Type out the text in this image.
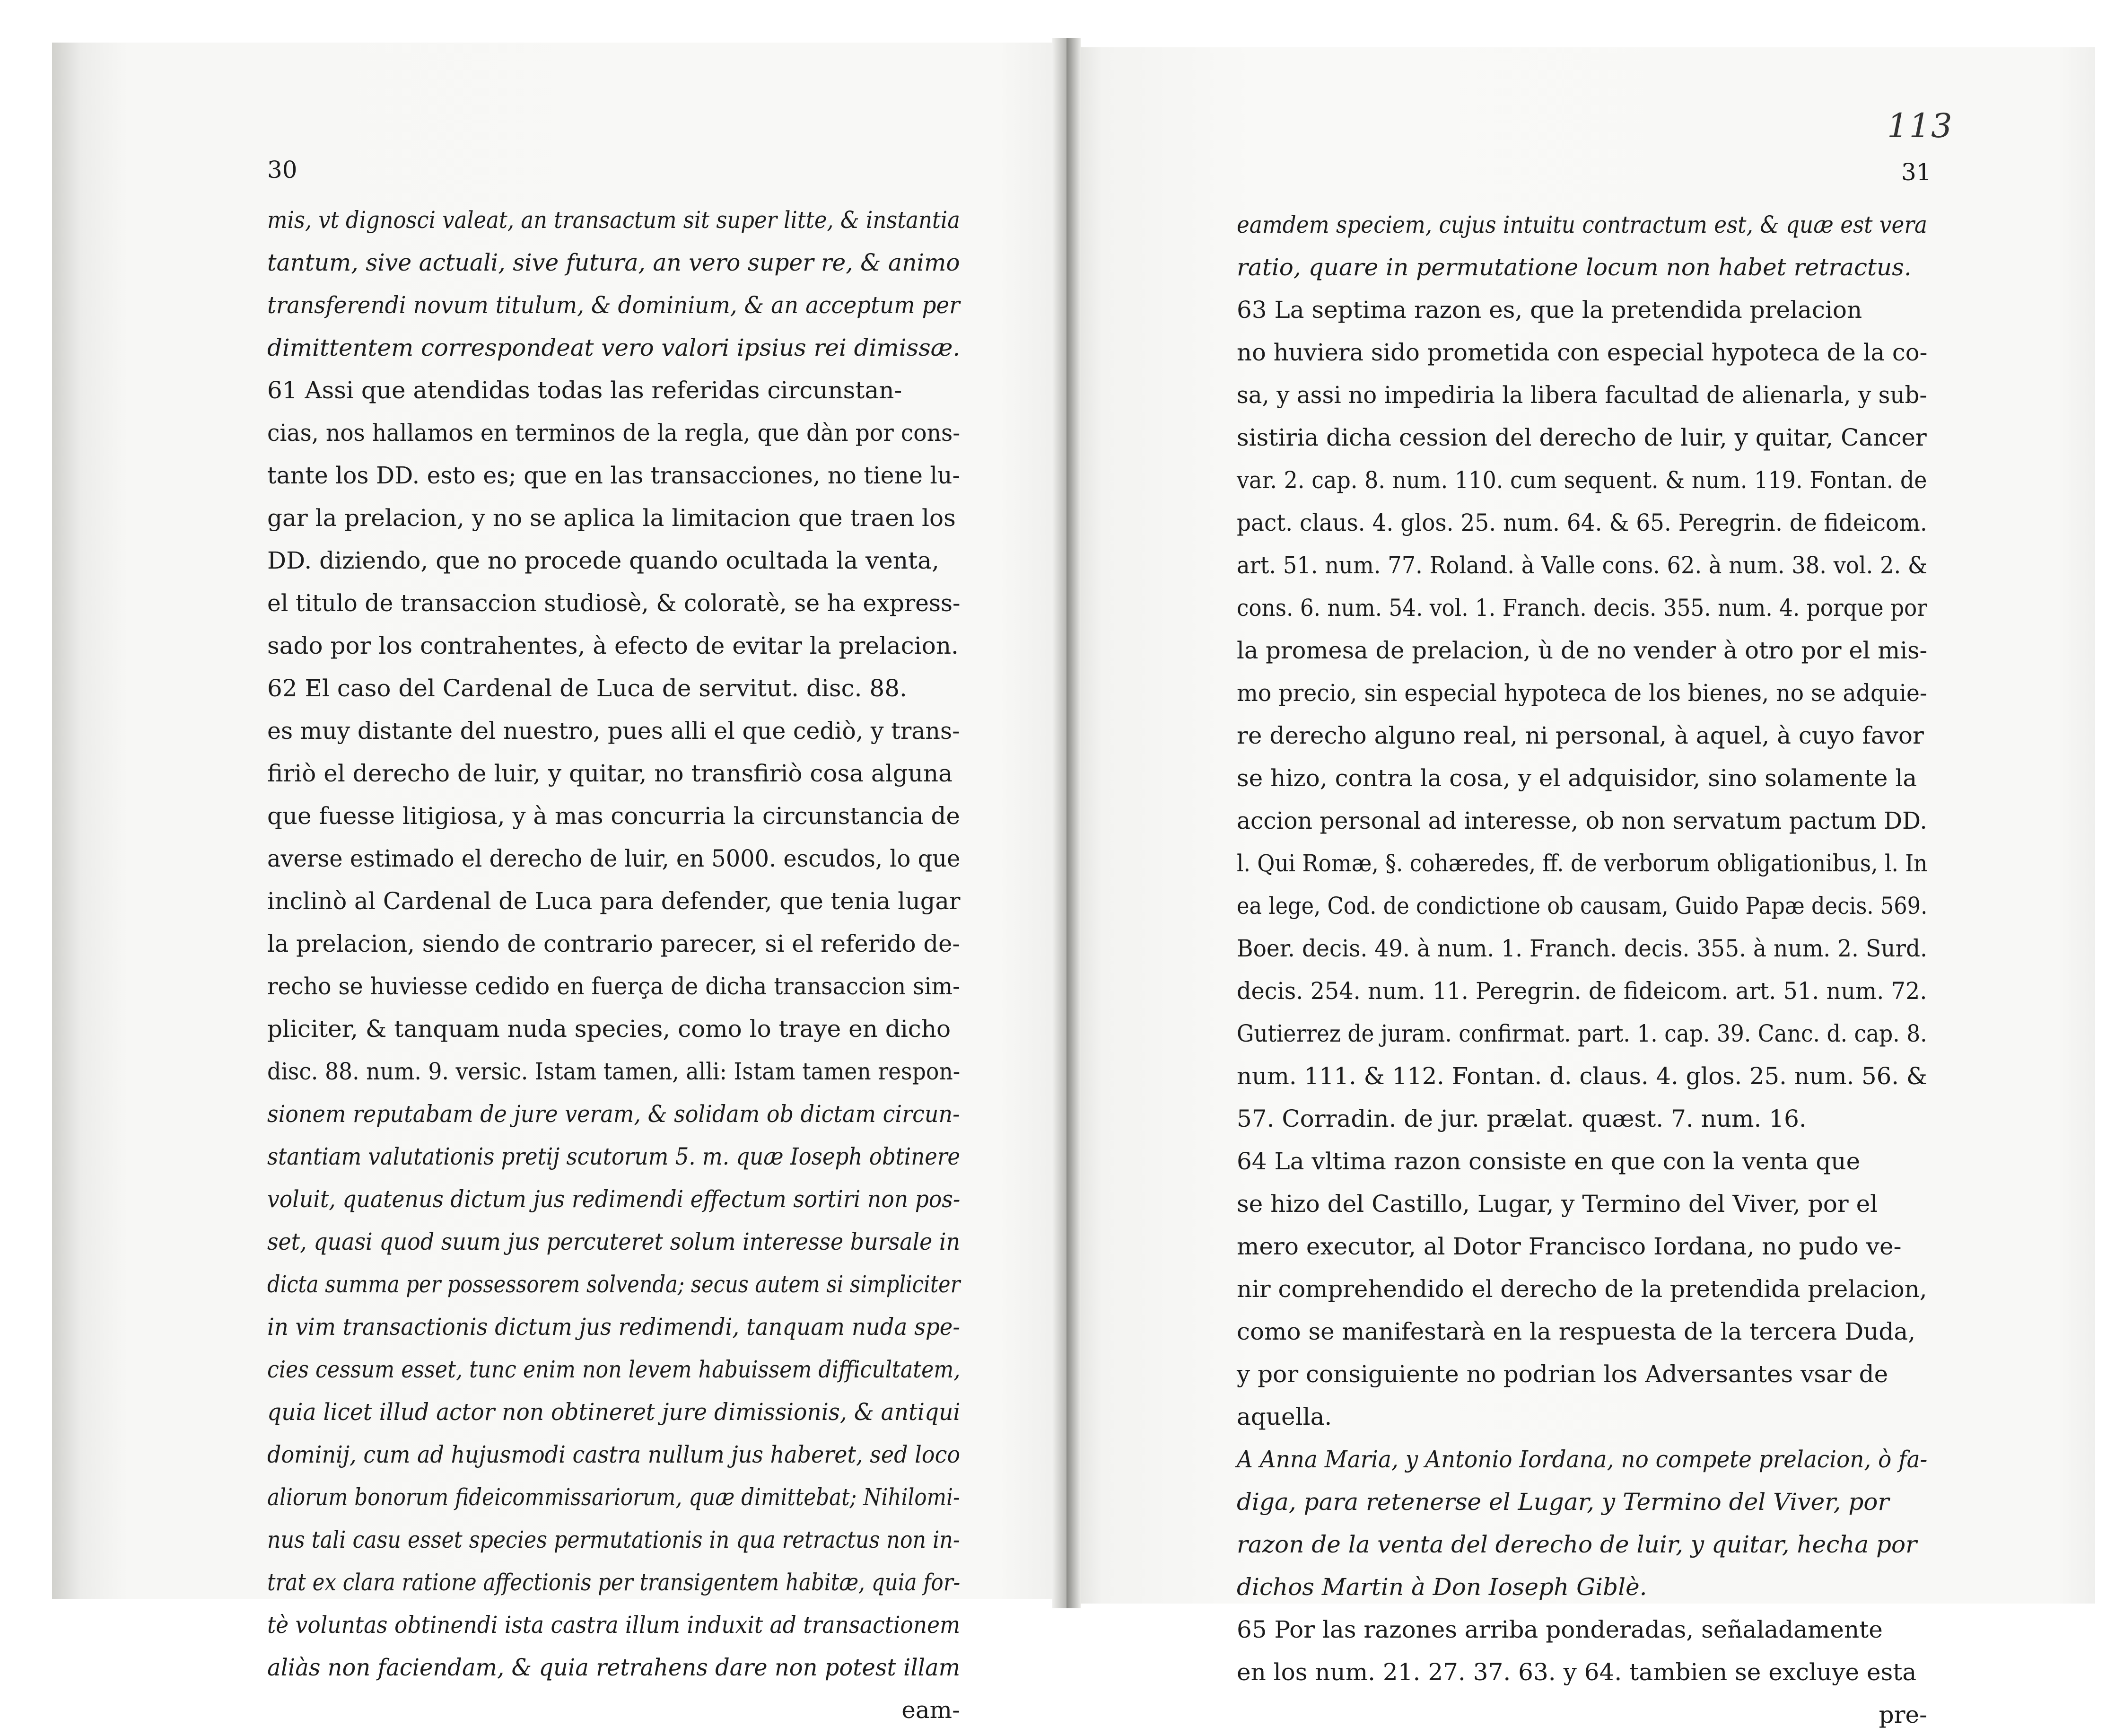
30	31
113
mis, vt dignosci valeat, an transactum sit super litte, & instantia
tantum, sive actuali, sive futura, an vero super re, & animo
transferendi novum titulum, & dominium, & an acceptum per
dimittentem correspondeat vero valori ipsius rei dimissæ.
61 Assi que atendidas todas las referidas circunstan-
cias, nos hallamos en terminos de la regla, que dàn por cons-
tante los DD. esto es; que en las transacciones, no tiene lu-
gar la prelacion, y no se aplica la limitacion que traen los
DD. diziendo, que no procede quando ocultada la venta,
el titulo de transaccion studiosè, & coloratè, se ha express-
sado por los contrahentes, à efecto de evitar la prelacion.
62 El caso del Cardenal de Luca de servitut. disc. 88.
es muy distante del nuestro, pues alli el que cediò, y trans-
firiò el derecho de luir, y quitar, no transfiriò cosa alguna
que fuesse litigiosa, y à mas concurria la circunstancia de
averse estimado el derecho de luir, en 5000. escudos, lo que
inclinò al Cardenal de Luca para defender, que tenia lugar
la prelacion, siendo de contrario parecer, si el referido de-
recho se huviesse cedido en fuerça de dicha transaccion sim-
pliciter, & tanquam nuda species, como lo traye en dicho
disc. 88. num. 9. versic. Istam tamen, alli: Istam tamen respon-
sionem reputabam de jure veram, & solidam ob dictam circun-
stantiam valutationis pretij scutorum 5. m. quæ Ioseph obtinere
voluit, quatenus dictum jus redimendi effectum sortiri non pos-
set, quasi quod suum jus percuteret solum interesse bursale in
dicta summa per possessorem solvenda; secus autem si simpliciter
in vim transactionis dictum jus redimendi, tanquam nuda spe-
cies cessum esset, tunc enim non levem habuissem difficultatem,
quia licet illud actor non obtineret jure dimissionis, & antiqui
dominij, cum ad hujusmodi castra nullum jus haberet, sed loco
aliorum bonorum fideicommissariorum, quæ dimittebat; Nihilomi-
nus tali casu esset species permutationis in qua retractus non in-
trat ex clara ratione affectionis per transigentem habitæ, quia for-
tè voluntas obtinendi ista castra illum induxit ad transactionem
aliàs non faciendam, & quia retrahens dare non potest illam
eam-
eamdem speciem, cujus intuitu contractum est, & quæ est vera
ratio, quare in permutatione locum non habet retractus.
63 La septima razon es, que la pretendida prelacion
no huviera sido prometida con especial hypoteca de la co-
sa, y assi no impediria la libera facultad de alienarla, y sub-
sistiria dicha cession del derecho de luir, y quitar, Cancer
var. 2. cap. 8. num. 110. cum sequent. & num. 119. Fontan. de
pact. claus. 4. glos. 25. num. 64. & 65. Peregrin. de fideicom.
art. 51. num. 77. Roland. à Valle cons. 62. à num. 38. vol. 2. &
cons. 6. num. 54. vol. 1. Franch. decis. 355. num. 4. porque por
la promesa de prelacion, ù de no vender à otro por el mis-
mo precio, sin especial hypoteca de los bienes, no se adquie-
re derecho alguno real, ni personal, à aquel, à cuyo favor
se hizo, contra la cosa, y el adquisidor, sino solamente la
accion personal ad interesse, ob non servatum pactum DD.
l. Qui Romæ, §. cohæredes, ff. de verborum obligationibus, l. In
ea lege, Cod. de condictione ob causam, Guido Papæ decis. 569.
Boer. decis. 49. à num. 1. Franch. decis. 355. à num. 2. Surd.
decis. 254. num. 11. Peregrin. de fideicom. art. 51. num. 72.
Gutierrez de juram. confirmat. part. 1. cap. 39. Canc. d. cap. 8.
num. 111. & 112. Fontan. d. claus. 4. glos. 25. num. 56. &
57. Corradin. de jur. prælat. quæst. 7. num. 16.
64 La vltima razon consiste en que con la venta que
se hizo del Castillo, Lugar, y Termino del Viver, por el
mero executor, al Dotor Francisco Iordana, no pudo ve-
nir comprehendido el derecho de la pretendida prelacion,
como se manifestarà en la respuesta de la tercera Duda,
y por consiguiente no podrian los Adversantes vsar de
aquella.
A Anna Maria, y Antonio Iordana, no compete prelacion, ò fa-
diga, para retenerse el Lugar, y Termino del Viver, por
razon de la venta del derecho de luir, y quitar, hecha por
dichos Martin à Don Ioseph Giblè.
65 Por las razones arriba ponderadas, señaladamente
en los num. 21. 27. 37. 63. y 64. tambien se excluye esta
pre-
